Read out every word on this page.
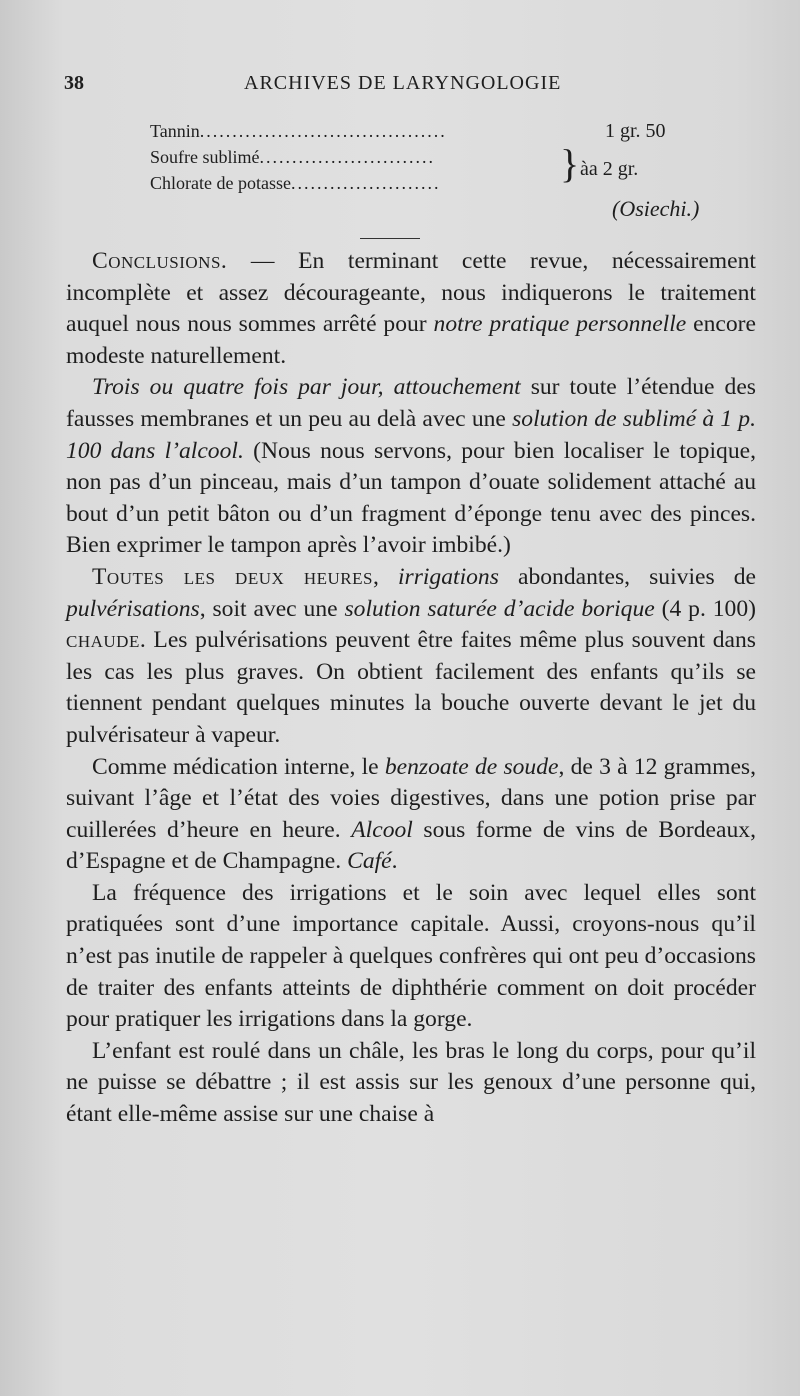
38	ARCHIVES DE LARYNGOLOGIE
Tannin......................................	1 gr. 50
Soufre sublimé...........................
Chlorate de potasse.......................	} àa 2 gr.
(Osiechi.)

Conclusions. — En terminant cette revue, nécessairement incomplète et assez décourageante, nous indiquerons le traitement auquel nous nous sommes arrêté pour notre pratique personnelle encore modeste naturellement.

Trois ou quatre fois par jour, attouchement sur toute l’étendue des fausses membranes et un peu au delà avec une solution de sublimé à 1 p. 100 dans l’alcool. (Nous nous servons, pour bien localiser le topique, non pas d’un pinceau, mais d’un tampon d’ouate solidement attaché au bout d’un petit bâton ou d’un fragment d’éponge tenu avec des pinces. Bien exprimer le tampon après l’avoir imbibé.)

Toutes les deux heures, irrigations abondantes, suivies de pulvérisations, soit avec une solution saturée d’acide borique (4 p. 100) chaude. Les pulvérisations peuvent être faites même plus souvent dans les cas les plus graves. On obtient facilement des enfants qu’ils se tiennent pendant quelques minutes la bouche ouverte devant le jet du pulvérisateur à vapeur.

Comme médication interne, le benzoate de soude, de 3 à 12 grammes, suivant l’âge et l’état des voies digestives, dans une potion prise par cuillerées d’heure en heure. Alcool sous forme de vins de Bordeaux, d’Espagne et de Champagne. Café.

La fréquence des irrigations et le soin avec lequel elles sont pratiquées sont d’une importance capitale. Aussi, croyons-nous qu’il n’est pas inutile de rappeler à quelques confrères qui ont peu d’occasions de traiter des enfants atteints de diphthérie comment on doit procéder pour pratiquer les irrigations dans la gorge.

L’enfant est roulé dans un châle, les bras le long du corps, pour qu’il ne puisse se débattre ; il est assis sur les genoux d’une personne qui, étant elle-même assise sur une chaise à
